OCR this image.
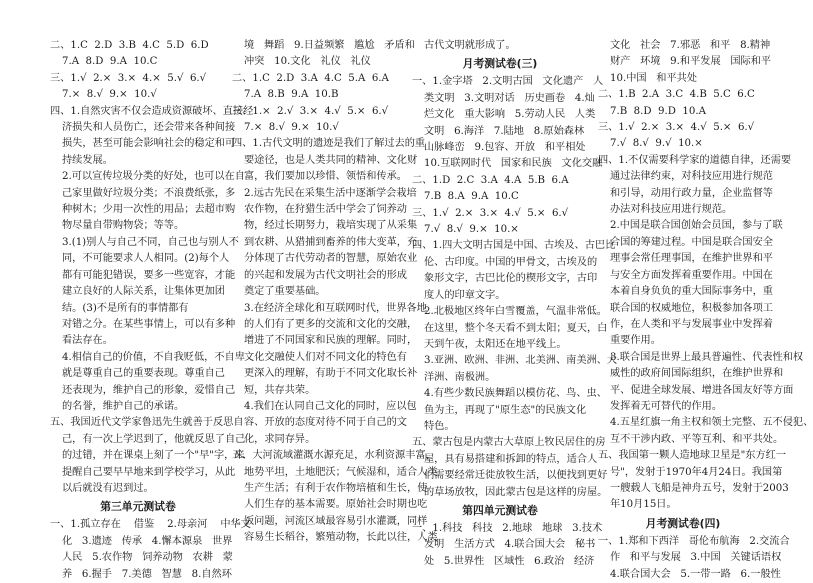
二、1.C  2.D  3.B  4.C  5.D  6.D
7.A  8.D  9.A  10.C
三、1.√  2.×  3.×  4.×  5.√  6.√
7.×  8.√  9.×  10.√
四、1.自然灾害不仅会造成资源破坏、直接经
济损失和人员伤亡，还会带来各种间接
损失，甚至可能会影响社会的稳定和可
持续发展。
2.可以宣传垃圾分类的好处，也可以在自
己家里做好垃圾分类；不浪费纸张，多
种树木；少用一次性的用品；去超市购
物尽量自带购物袋；等等。
3.(1)别人与自己不同，自己也与别人不
同，不可能要求人人相同。(2)每个人
都有可能犯错误，要多一些宽容，才能
建立良好的人际关系，让集体更加团
结。(3)不是所有的事情都有
对错之分。在某些事情上，可以有多种
看法存在。
4.相信自己的价值，不自我贬低，不自卑
就是尊重自己的重要表现。尊重自己
还表现为，维护自己的形象，爱惜自己
的名誉，维护自己的承诺。
五、我国近代文学家鲁迅先生就善于反思自
己，有一次上学迟到了，他就反思了自己
的过错，并在课桌上刻了一个"早"字，来
提醒自己要早早地来到学校学习，从此
以后就没有迟到过。
第三单元测试卷
一、1.孤立存在    借鉴    2.母亲河    中华文
化   3.遗迹   传承   4.懈本源泉   世界
人民   5.农作物   饲养动物   农耕   蒙
养   6.握手   7.美德   智慧   8.自然环
境   舞蹈   9.日益频繁   尴尬   矛盾和
冲突   10.文化   礼仪   礼仪
二、1.C  2.D  3.A  4.C  5.A  6.A
7.A  8.B  9.A  10.B
三、1.×  2.√  3.×  4.√  5.×  6.√
7.×  8.√  9.×  10.√
四、1.古代文明的遗迹是我们了解过去的重
要途径，也是人类共同的精神、文化财
富，我们要加以珍惜、领悟和传承。
2.远古先民在采集生活中逐渐学会栽培
农作物，在狩猎生活中学会了饲养动
物，经过长期努力，栽培实现了从采集
到农耕、从猎捕到畜养的伟大变革，充
分体现了古代劳动者的智慧，原始农业
的兴起和发展为古代文明社会的形成
奠定了重要基础。
3.在经济全球化和互联网时代，世界各地
的人们有了更多的交流和文化的交融，
增进了不同国家和民族的理解。同时，
文化交融使人们对不同文化的特色有
更深入的理解，有助于不同文化取长补
短，共存共荣。
4.我们在认同自己文化的同时，应以包
容、开放的态度对待不同于自己的文
化，求同存异。
五、大河流域灌溉水源充足，水利资源丰富，
地势平坦，土地肥沃；气候湿和，适合人类
生产生活；有利于农作物培植和生长，使
人们生存的基本需要。原始社会时期也吃
饭问题，河流区域最容易引水灌溉，同样
容易生长稻谷，繁殖动物，长此以往，人类
古代文明就形成了。
月考测试卷(三)
一、1.金字塔   2.文明古国   文化遗产   人
类文明   3.文明对话   历史画卷   4.灿
烂文化   重大影响   5.劳动人民   人类
文明   6.海洋   7.陆地   8.原始森林
山脉峰峦   9.包容、开放   和平相处
10.互联网时代   国家和民族   文化交融
二、1.D  2.C  3.A  4.A  5.B  6.A
7.B  8.A  9.A  10.C
三、1.√  2.×  3.×  4.√  5.×  6.√
7.√  8.√  9.×  10.×
四、1.四大文明古国是中国、古埃及、古巴比
伦、古印度。中国的甲骨文，古埃及的
象形文字，古巴比伦的楔形文字，古印
度人的印章文字。
2.北极地区终年白雪覆盖，气温非常低。
在这里，整个冬天看不到太阳；夏天，白
天到午夜，太阳还在地平线上。
3.亚洲、欧洲、非洲、北美洲、南美洲、大
洋洲、南极洲。
4.有些少数民族舞蹈以模仿花、鸟、虫、
鱼为主，再现了"原生态"的民族文化
特色。
五、蒙古包是内蒙古大草原上牧民居住的房
屋，具有易搭建和拆卸的特点，适合人
们需要经常迁徙放牧生活，以便找到更好
的草场放牧，因此蒙古包是这样的房屋。
第四单元测试卷
一、1.科技   科技   2.地球   地球   3.技术
发明   生活方式   4.联合国大会   秘书
处   5.世界性   区域性   6.政治   经济
文化   社会   7.邪恶   和平   8.精神
财产   环境   9.和平发展   国际和平
10.中国   和平共处
二、1.B  2.A  3.C  4.B  5.C  6.C
7.B  8.D  9.D  10.A
三、1.√  2.×  3.×  4.√  5.×  6.√
7.√  8.√  9.√  10.×
四、1.不仅需要科学家的道德自律，还需要
通过法律约束，对科技应用进行规范
和引导，动用行政力量，企业监督等
办法对科技应用进行规范。
2.中国是联合国创始会员国，参与了联
合国的筹建过程。中国是联合国安全
理事会常任理事国，在维护世界和平
与安全方面发挥着重要作用。中国在
本着自身负负的重大国际事务中，重
联合国的权威地位，积极参加各项工
作，在人类和平与发展事业中发挥着
重要作用。
3.联合国是世界上最具普遍性、代表性和权
威性的政府间国际组织，在维护世界和
平、促进全球发展、增进各国友好等方面
发挥着无可替代的作用。
4.五星红旗一角主权和领土完整、五不侵犯、
互不干涉内政、平等互利、和平共处。
五、我国第一颗人造地球卫星是"东方红一
号"，发射于1970年4月24日。我国第
一艘载人飞船是神舟五号，发射于2003
年10月15日。
月考测试卷(四)
一、1.郑和下西洋   哥伦布航海   2.交流合
作   和平与发展   3.中国   关键话语权
4.联合国大会   5.一带一路   6.一般性
